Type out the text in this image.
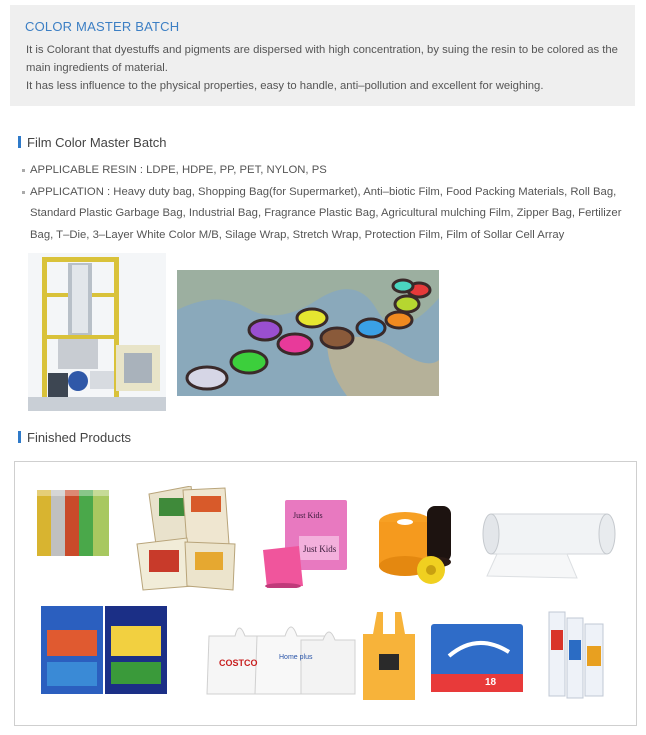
COLOR MASTER BATCH

It is Colorant that dyestuffs and pigments are dispersed with high concentration, by suing the resin to be colored as the main ingredients of material.

It has less influence to the physical properties, easy to handle, anti–pollution and excellent for weighing.

Film Color Master Batch
APPLICABLE RESIN : LDPE, HDPE, PP, PET, NYLON, PS
APPLICATION : Heavy duty bag, Shopping Bag(for Supermarket), Anti–biotic Film, Food Packing Materials, Roll Bag, Standard Plastic Garbage Bag, Industrial Bag, Fragrance Plastic Bag, Agricultural mulching Film, Zipper Bag, Fertilizer Bag, T–Die, 3–Layer White Color M/B, Silage Wrap, Stretch Wrap, Protection Film, Film of Sollar Cell Array
Finished Products
Just Kids
Just Kids
COSTCO
Home plus
18
